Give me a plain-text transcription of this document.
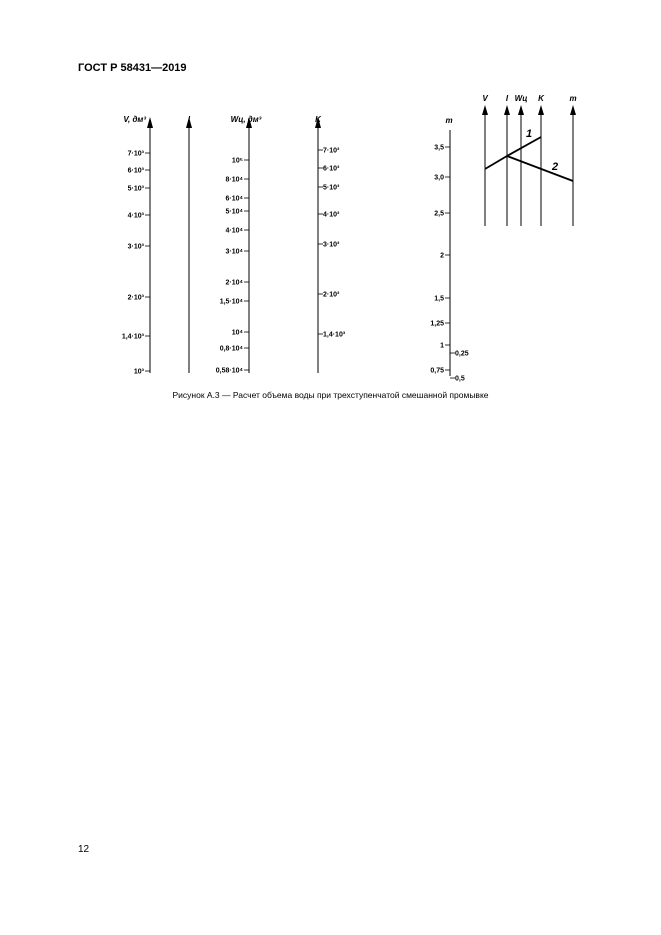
ГОСТ Р 58431—2019
V, дм³
7·10³
6·10³
5·10³
4·10³
3·10³
2·10³
1,4·10³
10³
I	Wц, дм³
10⁵
8·10⁴
6·10⁴
5·10⁴
4·10⁴
3·10⁴
2·10⁴
1,5·10⁴
10⁴
0,8·10⁴
0,58·10⁴
K
7·10³
6·10³
5·10³
4·10³
3·10³
2·10³
1,4·10³
m
3,5
3,0
2,5
2
1,5
1,25
1
0,75
0,25
0,5
V I Wц K	m
1
2
Рисунок А.3 — Расчет объема воды при трехступенчатой смешанной промывке
12
